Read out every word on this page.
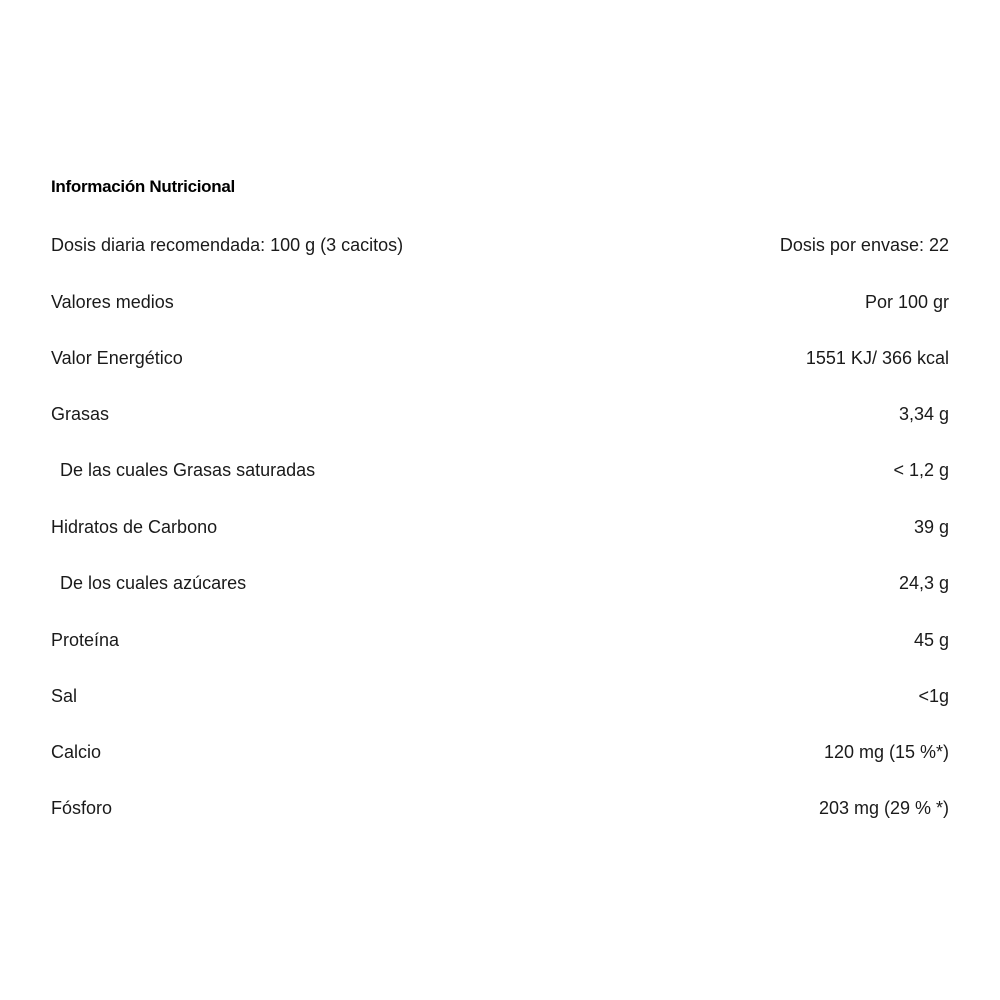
Información Nutricional
Dosis diaria recomendada: 100 g (3 cacitos)	Dosis por envase: 22
Valores medios	Por 100 gr
Valor Energético	1551 KJ/ 366 kcal
Grasas	3,34 g
De las cuales Grasas saturadas	< 1,2 g
Hidratos de Carbono	39 g
De los cuales azúcares	24,3 g
Proteína	45 g
Sal	<1g
Calcio	120 mg (15 %*)
Fósforo	203 mg (29 % *)
